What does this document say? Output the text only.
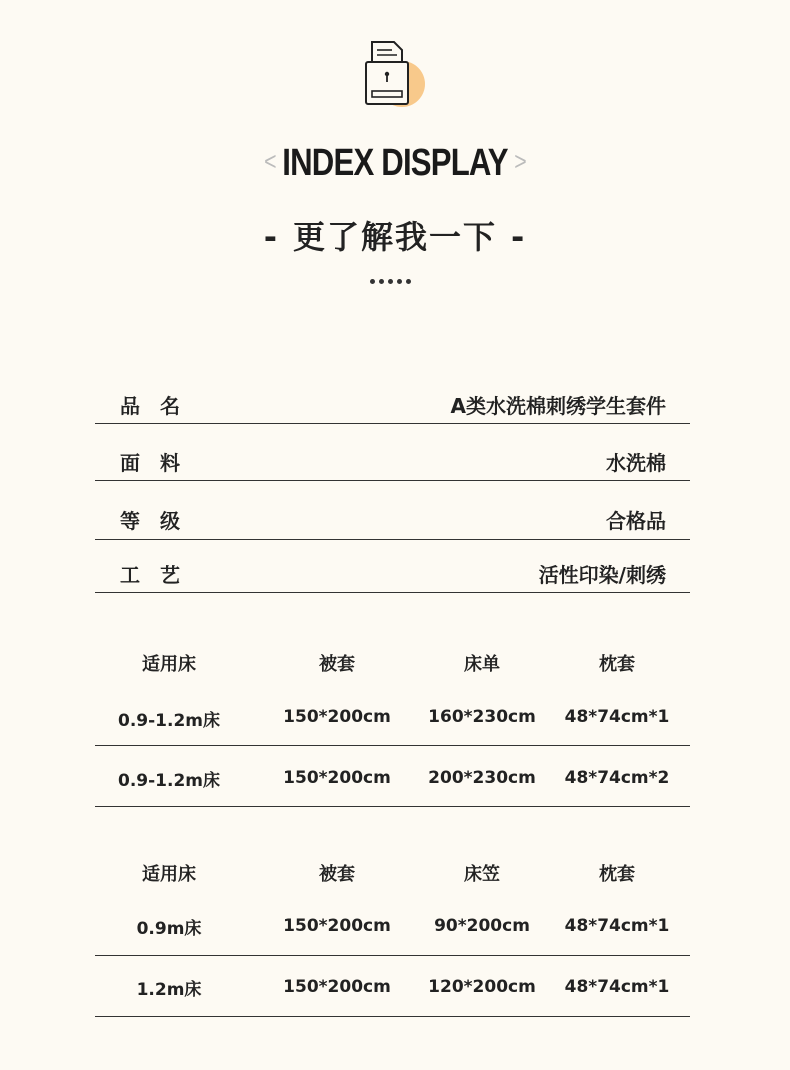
< INDEX DISPLAY >
- 更了解我一下 -
品名	A类水洗棉刺绣学生套件
面料	水洗棉
等级	合格品
工艺	活性印染/刺绣
适用床	被套	床单	枕套
0.9-1.2m床	150*200cm	160*230cm	48*74cm*1
0.9-1.2m床	150*200cm	200*230cm	48*74cm*2
适用床	被套	床笠	枕套
0.9m床	150*200cm	90*200cm	48*74cm*1
1.2m床	150*200cm	120*200cm	48*74cm*1
